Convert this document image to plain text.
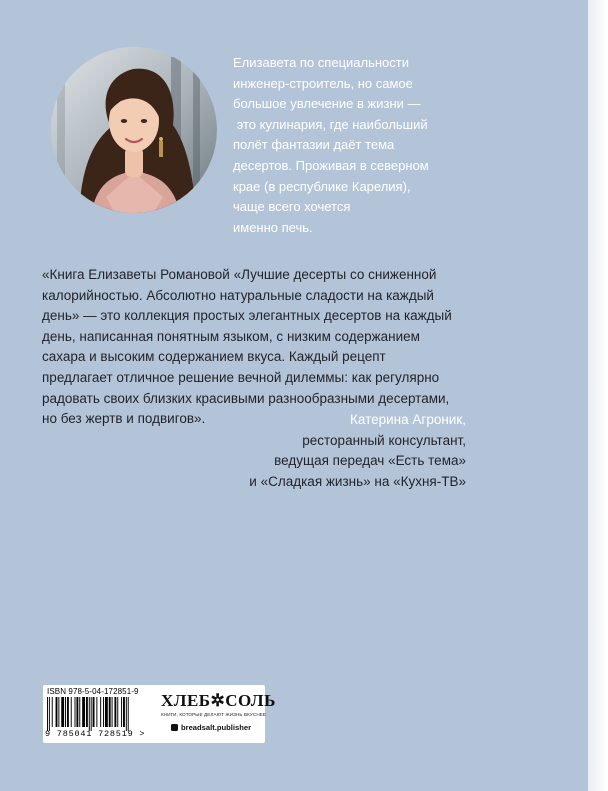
Елизавета по специальности
инженер-строитель, но самое
большое увлечение в жизни —
это кулинария, где наибольший
полёт фантазии даёт тема
десертов. Проживая в северном
крае (в республике Карелия),
чаще всего хочется
именно печь.
«Книга Елизаветы Романовой «Лучшие десерты со сниженной
калорийностью. Абсолютно натуральные сладости на каждый
день» — это коллекция простых элегантных десертов на каждый
день, написанная понятным языком, с низким содержанием
сахара и высоким содержанием вкуса. Каждый рецепт
предлагает отличное решение вечной дилеммы: как регулярно
радовать своих близких красивыми разнообразными десертами,
но без жертв и подвигов».	Катерина Агроник,
ресторанный консультант,
ведущая передач «Есть тема»
и «Сладкая жизнь» на «Кухня-ТВ»
ISBN 978-5-04-172851-9
9 785041 728519 >
ХЛЕБ✲СОЛЬ
КНИГИ, КОТОРЫЕ ДЕЛАЮТ ЖИЗНЬ ВКУСНЕЕ
breadsalt.publisher
